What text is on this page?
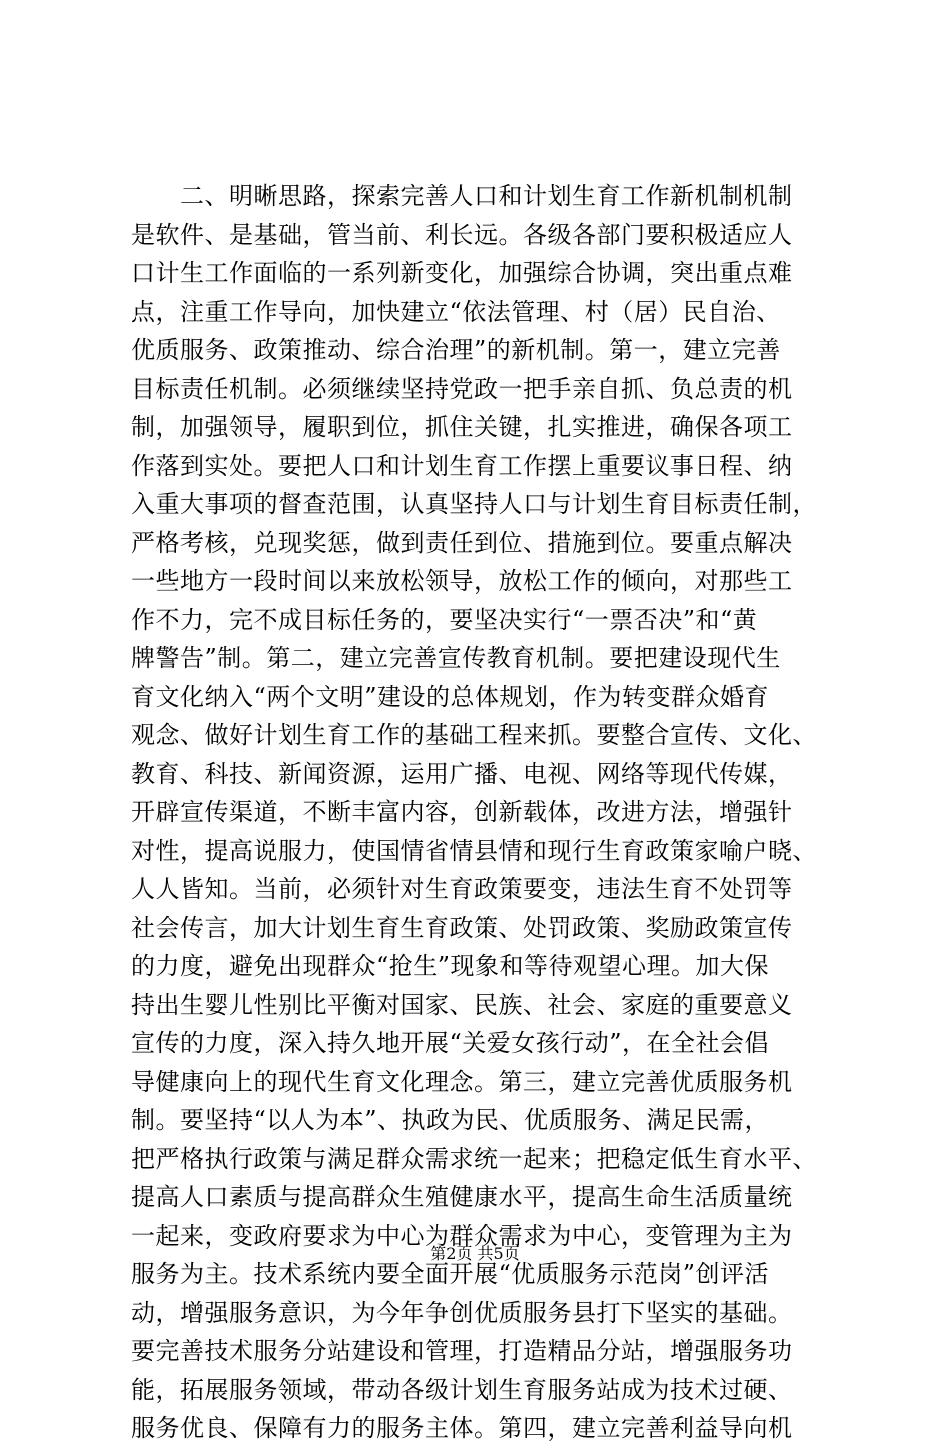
　　二、明晰思路，探索完善人口和计划生育工作新机制机制
是软件、是基础，管当前、利长远。各级各部门要积极适应人
口计生工作面临的一系列新变化，加强综合协调，突出重点难
点，注重工作导向，加快建立“依法管理、村（居）民自治、
优质服务、政策推动、综合治理”的新机制。第一，建立完善
目标责任机制。必须继续坚持党政一把手亲自抓、负总责的机
制，加强领导，履职到位，抓住关键，扎实推进，确保各项工
作落到实处。要把人口和计划生育工作摆上重要议事日程、纳
入重大事项的督查范围，认真坚持人口与计划生育目标责任制，
严格考核，兑现奖惩，做到责任到位、措施到位。要重点解决
一些地方一段时间以来放松领导，放松工作的倾向，对那些工
作不力，完不成目标任务的，要坚决实行“一票否决”和“黄
牌警告”制。第二，建立完善宣传教育机制。要把建设现代生
育文化纳入“两个文明”建设的总体规划，作为转变群众婚育
观念、做好计划生育工作的基础工程来抓。要整合宣传、文化、
教育、科技、新闻资源，运用广播、电视、网络等现代传媒，
开辟宣传渠道，不断丰富内容，创新载体，改进方法，增强针
对性，提高说服力，使国情省情县情和现行生育政策家喻户晓、
人人皆知。当前，必须针对生育政策要变，违法生育不处罚等
社会传言，加大计划生育生育政策、处罚政策、奖励政策宣传
的力度，避免出现群众“抢生”现象和等待观望心理。加大保
持出生婴儿性别比平衡对国家、民族、社会、家庭的重要意义
宣传的力度，深入持久地开展“关爱女孩行动”，在全社会倡
导健康向上的现代生育文化理念。第三，建立完善优质服务机
制。要坚持“以人为本”、执政为民、优质服务、满足民需，
把严格执行政策与满足群众需求统一起来；把稳定低生育水平、
提高人口素质与提高群众生殖健康水平，提高生命生活质量统
一起来，变政府要求为中心为群众需求为中心，变管理为主为
服务为主。技术系统内要全面开展“优质服务示范岗”创评活
动，增强服务意识，为今年争创优质服务县打下坚实的基础。
要完善技术服务分站建设和管理，打造精品分站，增强服务功
能，拓展服务领域，带动各级计划生育服务站成为技术过硬、
服务优良、保障有力的服务主体。第四，建立完善利益导向机
第2页 共5页
